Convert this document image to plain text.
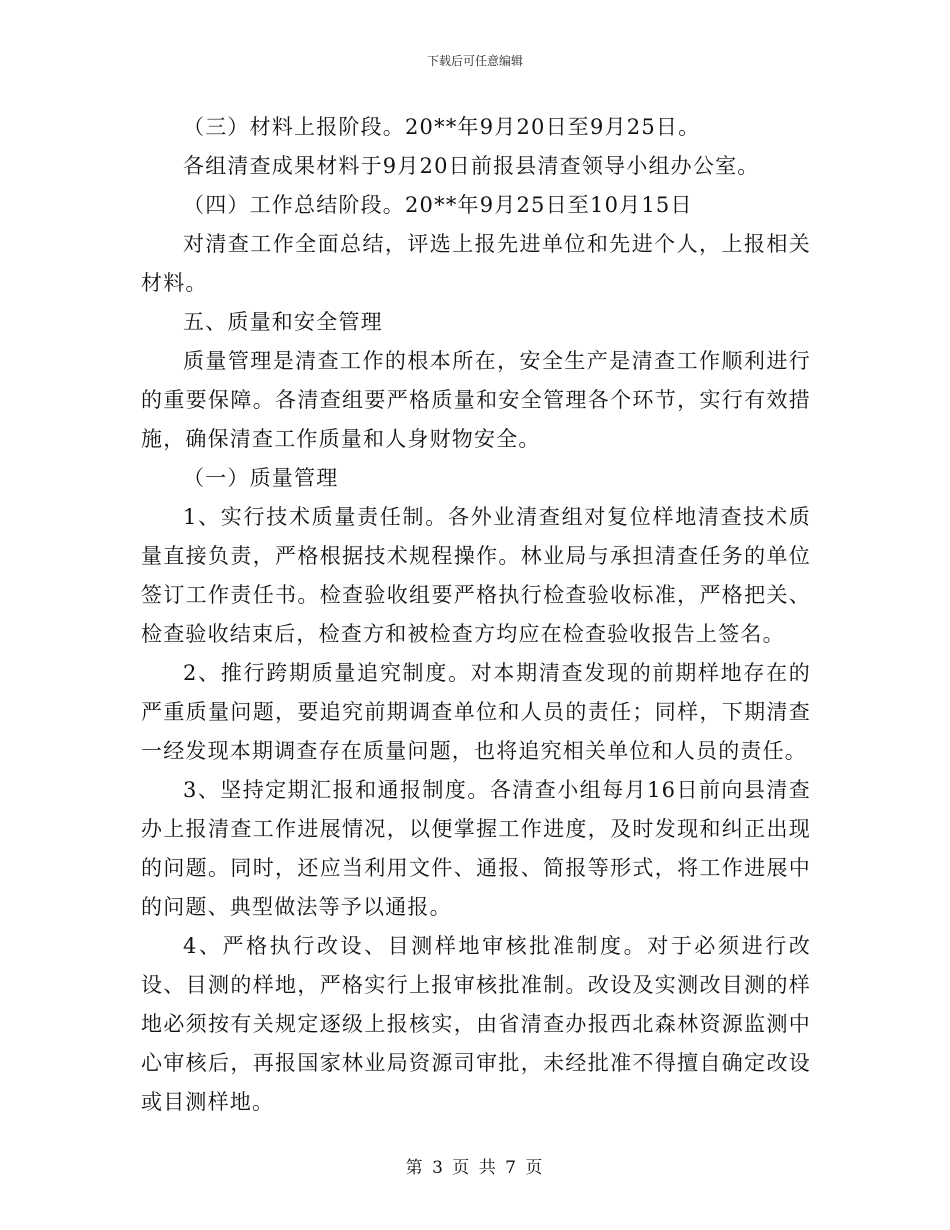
下载后可任意编辑

（三）材料上报阶段。20**年9月20日至9月25日。

各组清查成果材料于9月20日前报县清查领导小组办公室。

（四）工作总结阶段。20**年9月25日至10月15日

对清查工作全面总结，评选上报先进单位和先进个人，上报相关材料。

五、质量和安全管理

质量管理是清查工作的根本所在，安全生产是清查工作顺利进行的重要保障。各清查组要严格质量和安全管理各个环节，实行有效措施，确保清查工作质量和人身财物安全。

（一）质量管理

1、实行技术质量责任制。各外业清查组对复位样地清查技术质量直接负责，严格根据技术规程操作。林业局与承担清查任务的单位签订工作责任书。检查验收组要严格执行检查验收标准，严格把关、检查验收结束后，检查方和被检查方均应在检查验收报告上签名。

2、推行跨期质量追究制度。对本期清查发现的前期样地存在的严重质量问题，要追究前期调查单位和人员的责任；同样，下期清查一经发现本期调查存在质量问题，也将追究相关单位和人员的责任。

3、坚持定期汇报和通报制度。各清查小组每月16日前向县清查办上报清查工作进展情况，以便掌握工作进度，及时发现和纠正出现的问题。同时，还应当利用文件、通报、简报等形式，将工作进展中的问题、典型做法等予以通报。

4、严格执行改设、目测样地审核批准制度。对于必须进行改设、目测的样地，严格实行上报审核批准制。改设及实测改目测的样地必须按有关规定逐级上报核实，由省清查办报西北森林资源监测中心审核后，再报国家林业局资源司审批，未经批准不得擅自确定改设或目测样地。

第 3 页 共 7 页
